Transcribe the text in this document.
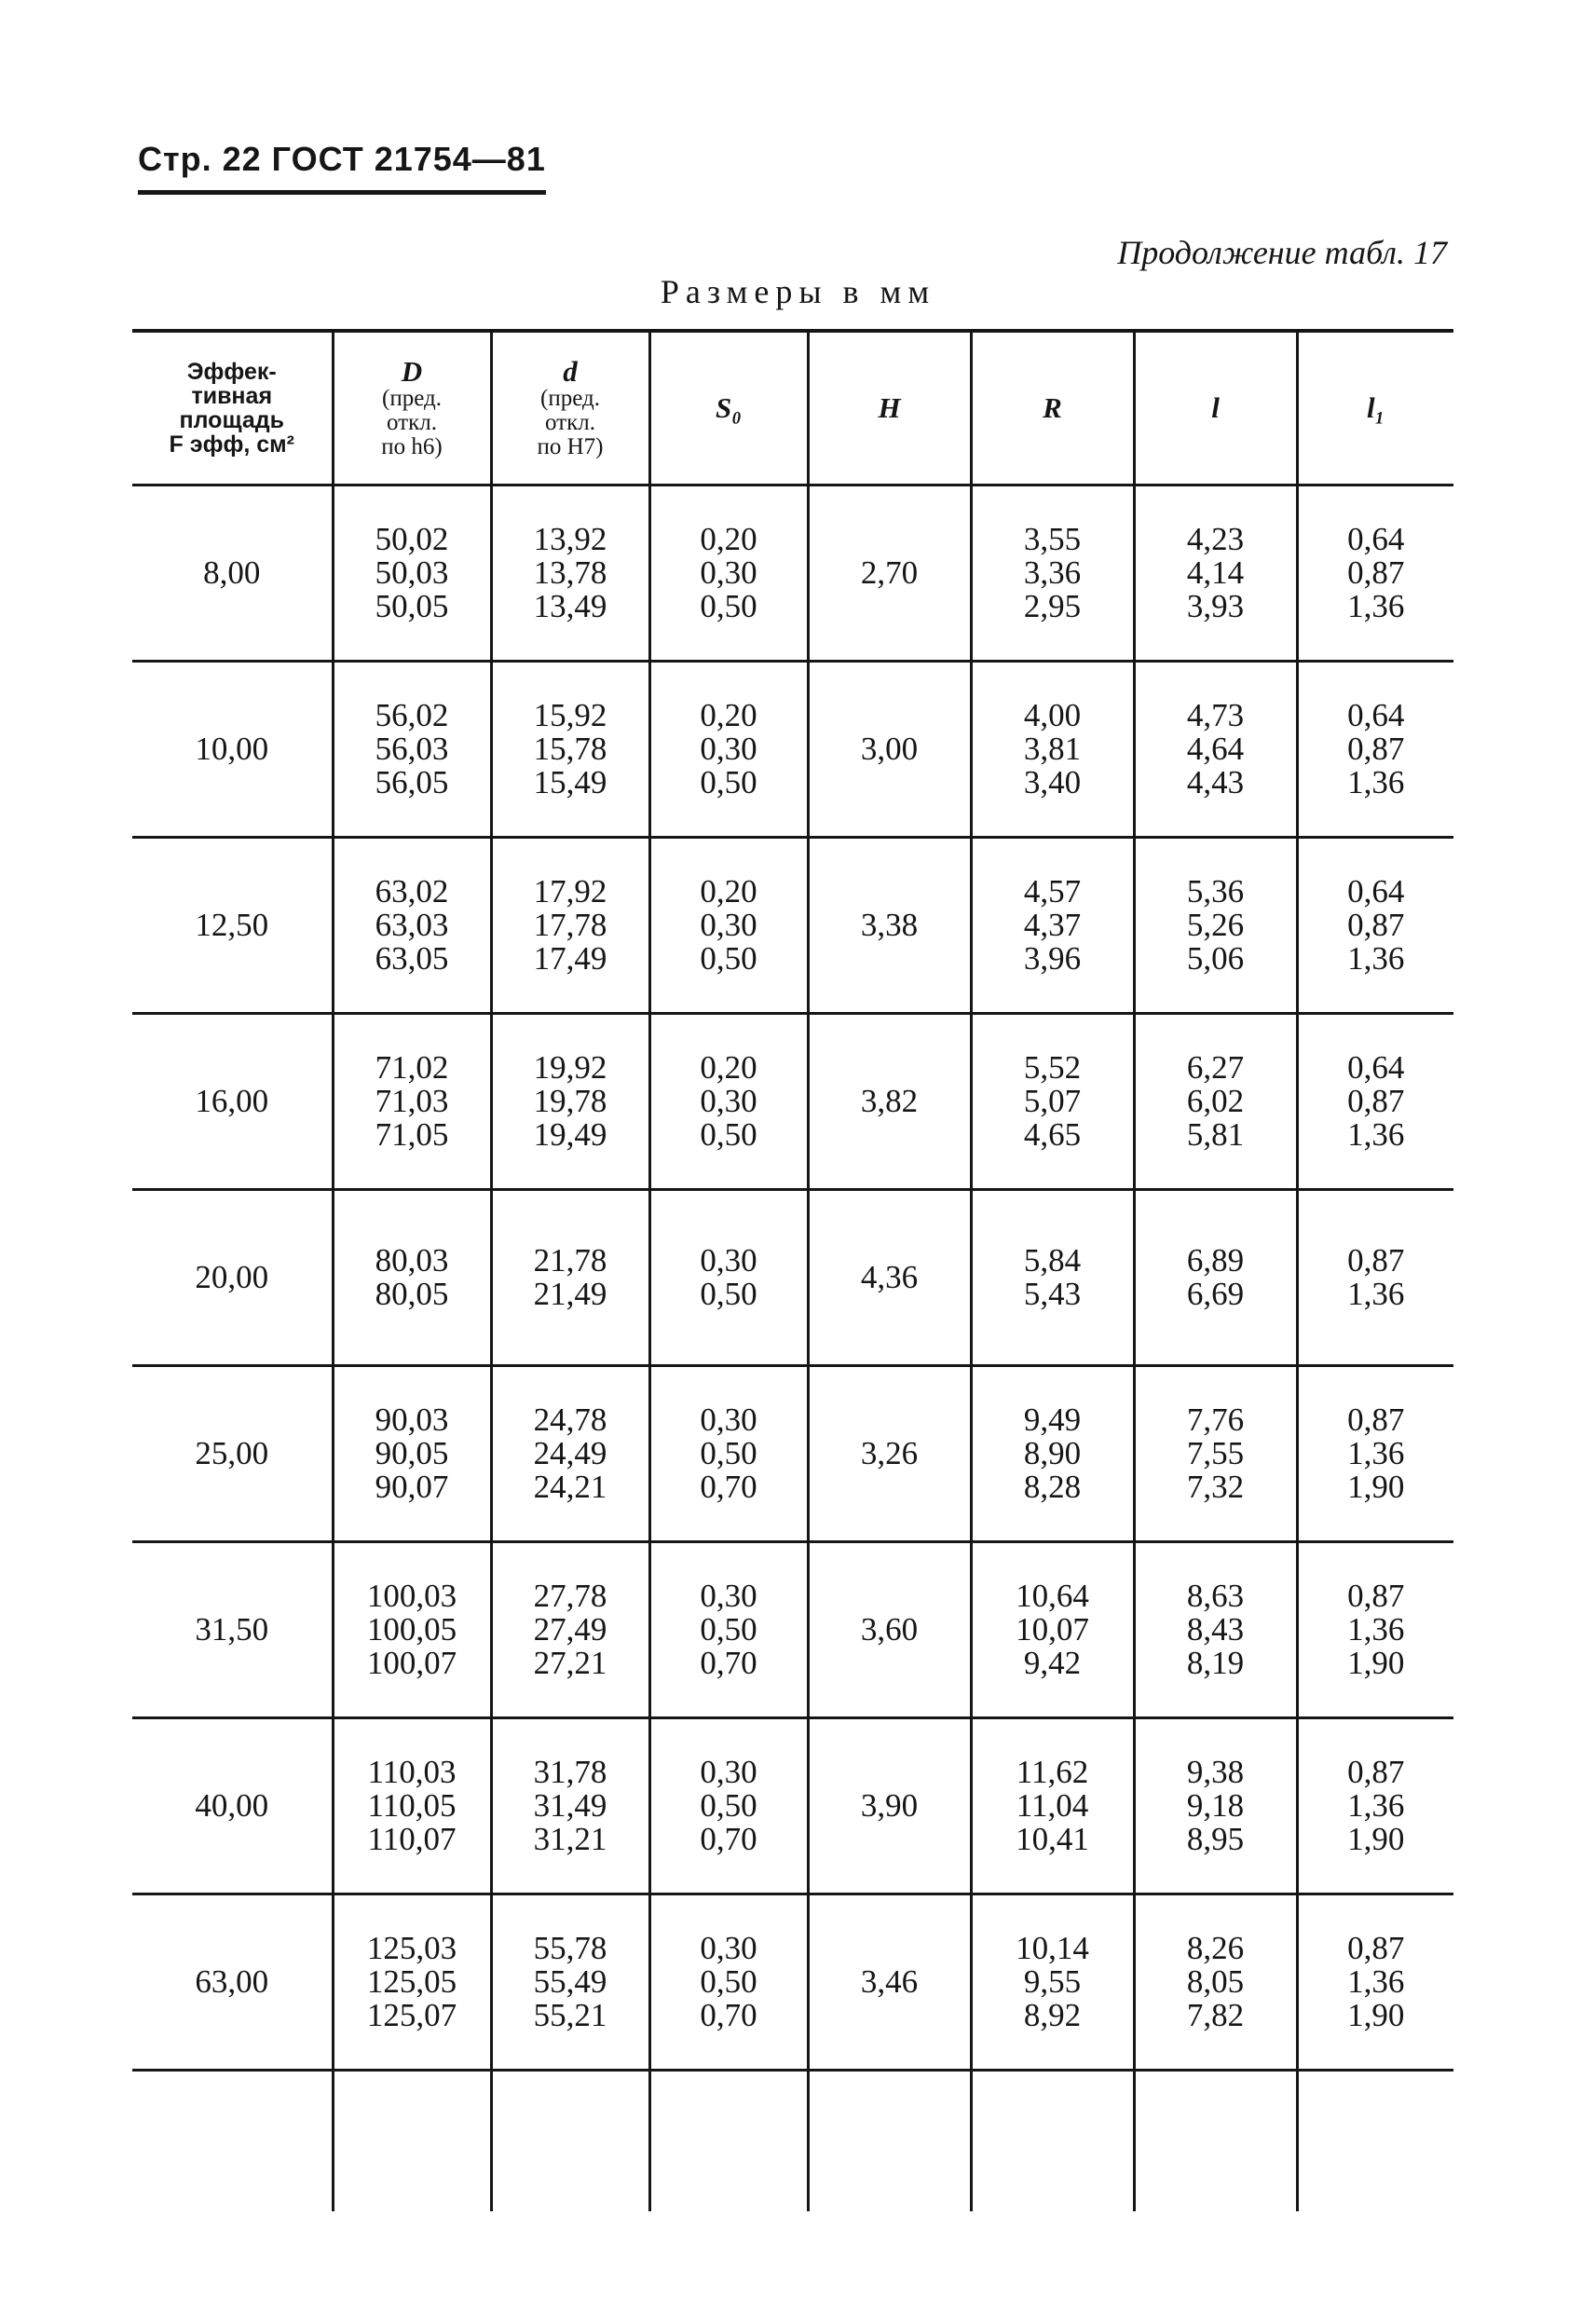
Стр. 22 ГОСТ 21754—81
Продолжение табл. 17
Размеры в мм
Эффек-
тивная
площадь
F эфф, см²	D
(пред.
откл.
по h6)	d
(пред.
откл.
по H7)	S₀	H	R	l	l₁

8,00	50,02
50,03
50,05	13,92
13,78
13,49	0,20
0,30
0,50	2,70	3,55
3,36
2,95	4,23
4,14
3,93	0,64
0,87
1,36

10,00	56,02
56,03
56,05	15,92
15,78
15,49	0,20
0,30
0,50	3,00	4,00
3,81
3,40	4,73
4,64
4,43	0,64
0,87
1,36

12,50	63,02
63,03
63,05	17,92
17,78
17,49	0,20
0,30
0,50	3,38	4,57
4,37
3,96	5,36
5,26
5,06	0,64
0,87
1,36

16,00	71,02
71,03
71,05	19,92
19,78
19,49	0,20
0,30
0,50	3,82	5,52
5,07
4,65	6,27
6,02
5,81	0,64
0,87
1,36

20,00	80,03
80,05	21,78
21,49	0,30
0,50	4,36	5,84
5,43	6,89
6,69	0,87
1,36

25,00	90,03
90,05
90,07	24,78
24,49
24,21	0,30
0,50
0,70	3,26	9,49
8,90
8,28	7,76
7,55
7,32	0,87
1,36
1,90

31,50	100,03
100,05
100,07	27,78
27,49
27,21	0,30
0,50
0,70	3,60	10,64
10,07
9,42	8,63
8,43
8,19	0,87
1,36
1,90

40,00	110,03
110,05
110,07	31,78
31,49
31,21	0,30
0,50
0,70	3,90	11,62
11,04
10,41	9,38
9,18
8,95	0,87
1,36
1,90

63,00	125,03
125,05
125,07	55,78
55,49
55,21	0,30
0,50
0,70	3,46	10,14
9,55
8,92	8,26
8,05
7,82	0,87
1,36
1,90
